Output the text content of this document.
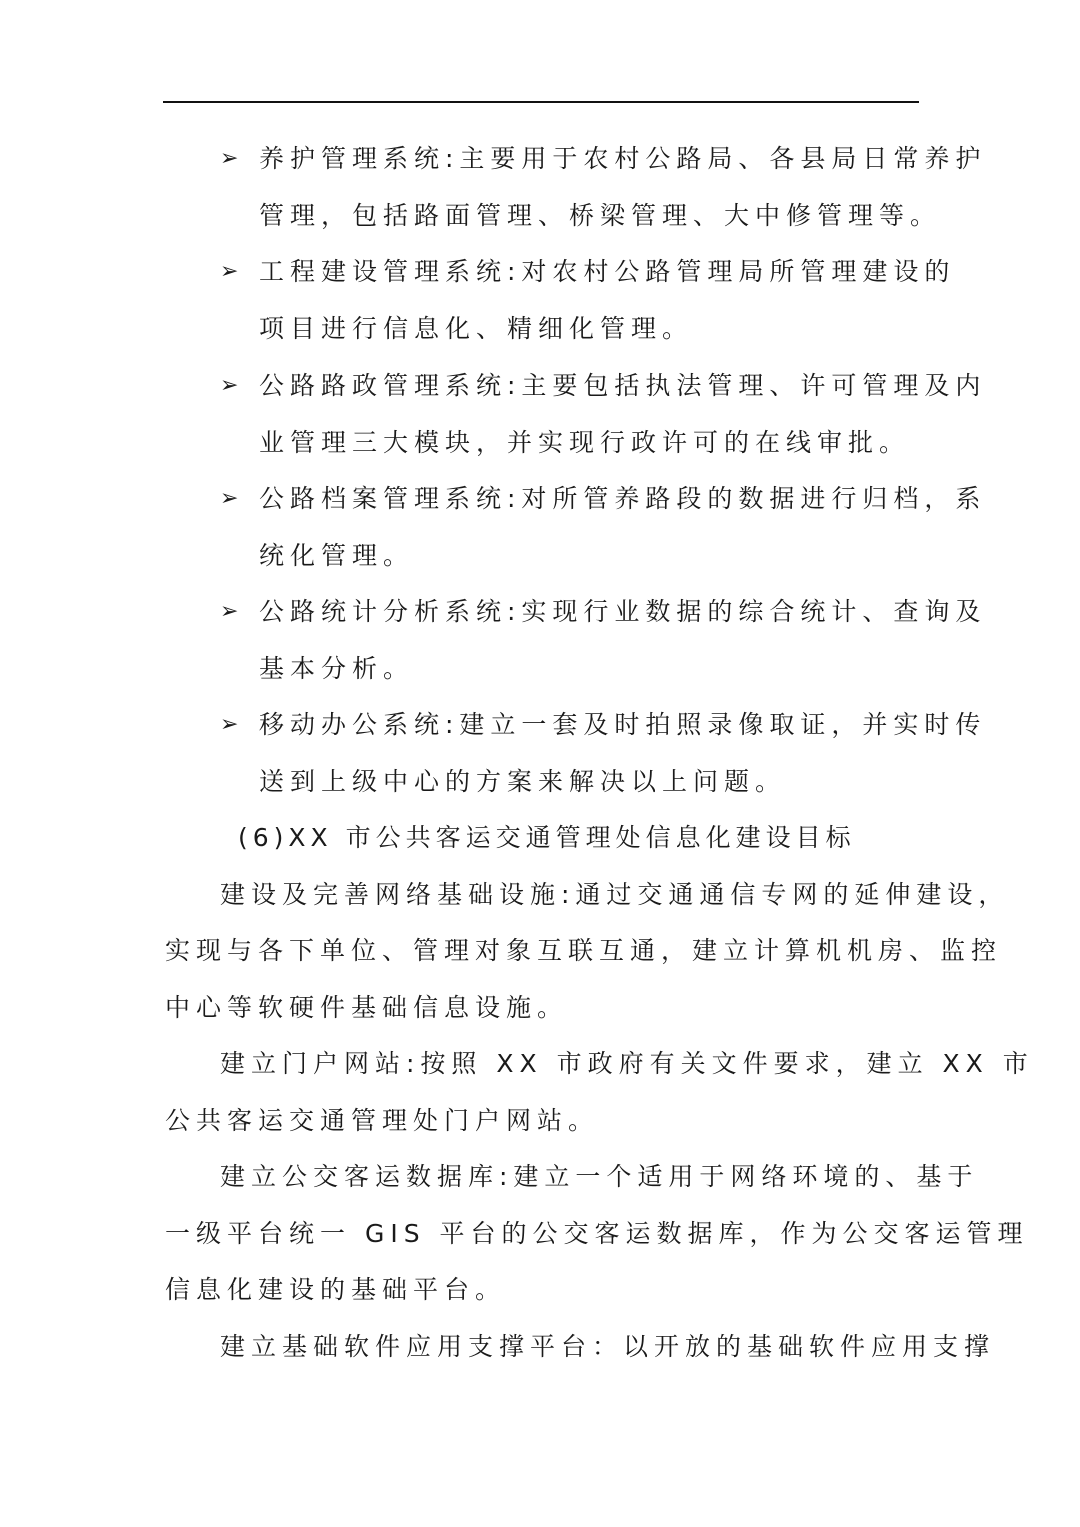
➢ 养护管理系统:主要用于农村公路局、各县局日常养护
管理，包括路面管理、桥梁管理、大中修管理等。
➢ 工程建设管理系统:对农村公路管理局所管理建设的
项目进行信息化、精细化管理。
➢ 公路路政管理系统:主要包括执法管理、许可管理及内
业管理三大模块，并实现行政许可的在线审批。
➢ 公路档案管理系统:对所管养路段的数据进行归档，系
统化管理。
➢ 公路统计分析系统:实现行业数据的综合统计、查询及
基本分析。
➢ 移动办公系统:建立一套及时拍照录像取证，并实时传
送到上级中心的方案来解决以上问题。
(6)XX 市公共客运交通管理处信息化建设目标
建设及完善网络基础设施:通过交通通信专网的延伸建设，
实现与各下单位、管理对象互联互通，建立计算机机房、监控
中心等软硬件基础信息设施。
建立门户网站:按照 XX 市政府有关文件要求，建立 XX 市
公共客运交通管理处门户网站。
建立公交客运数据库:建立一个适用于网络环境的、基于
一级平台统一 GIS 平台的公交客运数据库，作为公交客运管理
信息化建设的基础平台。
建立基础软件应用支撑平台：以开放的基础软件应用支撑
